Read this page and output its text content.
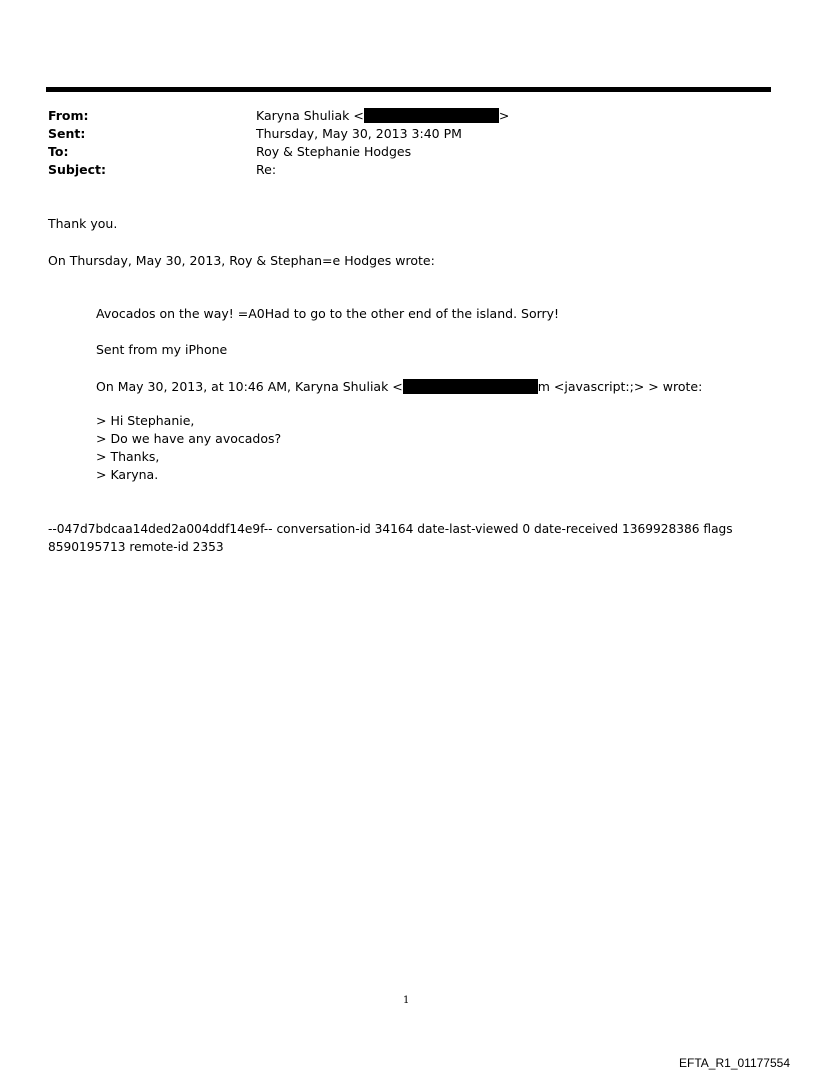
From:	Karyna Shuliak <	>
Sent:	Thursday, May 30, 2013 3:40 PM
To:	Roy & Stephanie Hodges
Subject:	Re:
Thank you.
On Thursday, May 30, 2013, Roy & Stephan=e Hodges wrote:
Avocados on the way! =A0Had to go to the other end of the island. Sorry!
Sent from my iPhone
On May 30, 2013, at 10:46 AM, Karyna Shuliak <	m <javascript:;> > wrote:
> Hi Stephanie,
> Do we have any avocados?
> Thanks,
> Karyna.
--047d7bdcaa14ded2a004ddf14e9f-- conversation-id 34164 date-last-viewed 0 date-received 1369928386 flags
8590195713 remote-id 2353
1
EFTA_R1_01177554
